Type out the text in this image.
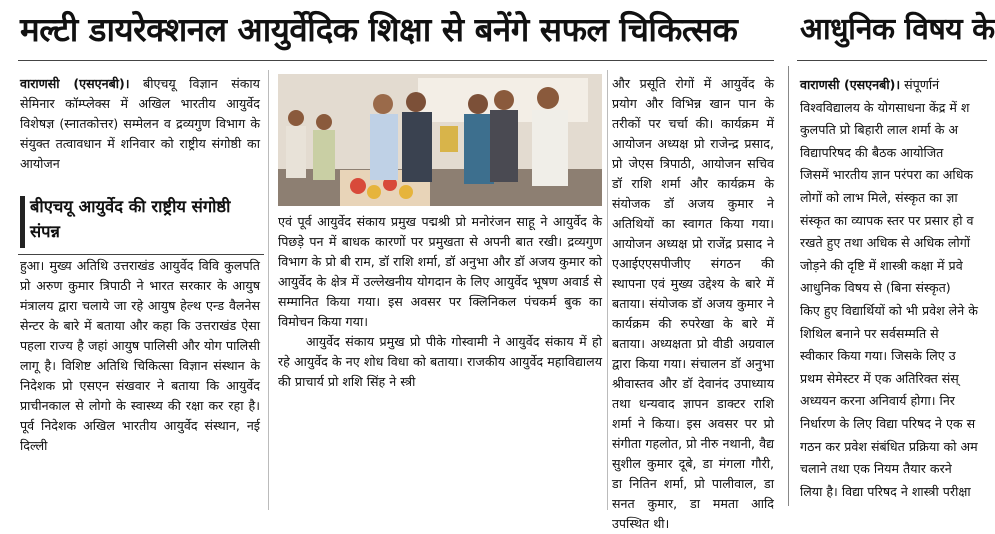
मल्टी डायरेक्शनल आयुर्वेदिक शिक्षा से बनेंगे सफल चिकित्सक आधुनिक विषय के

वाराणसी (एसएनबी)। बीएचयू विज्ञान संकाय सेमिनार कॉम्प्लेक्स में अखिल भारतीय आयुर्वेद विशेषज्ञ (स्नातकोत्तर) सम्मेलन व द्रव्यगुण विभाग के संयुक्त तत्वावधान में शनिवार को राष्ट्रीय संगोष्ठी का आयोजन

बीएचयू आयुर्वेद की राष्ट्रीय संगोष्ठी संपन्न

हुआ। मुख्य अतिथि उत्तराखंड आयुर्वेद विवि कुलपति प्रो अरुण कुमार त्रिपाठी ने भारत सरकार के आयुष मंत्रालय द्वारा चलाये जा रहे आयुष हेल्थ एन्ड वैलनेस सेन्टर के बारे में बताया और कहा कि उत्तराखंड ऐसा पहला राज्य है जहां आयुष पालिसी और योग पालिसी लागू है। विशिष्ट अतिथि चिकित्सा विज्ञान संस्थान के निदेशक प्रो एसएन संखवार ने बताया कि आयुर्वेद प्राचीनकाल से लोगो के स्वास्थ्य की रक्षा कर रहा है। पूर्व निदेशक अखिल भारतीय आयुर्वेद संस्थान, नई दिल्ली

एवं पूर्व आयुर्वेद संकाय प्रमुख पद्मश्री प्रो मनोरंजन साहू ने आयुर्वेद के पिछड़े पन में बाधक कारणों पर प्रमुखता से अपनी बात रखी। द्रव्यगुण विभाग के प्रो बी राम, डॉ राशि शर्मा, डॉ अनुभा और डॉ अजय कुमार को आयुर्वेद के क्षेत्र में उल्लेखनीय योगदान के लिए आयुर्वेद भूषण अवार्ड से सम्मानित किया गया। इस अवसर पर क्लिनिकल पंचकर्म बुक का विमोचन किया गया।

आयुर्वेद संकाय प्रमुख प्रो पीके गोस्वामी ने आयुर्वेद संकाय में हो रहे आयुर्वेद के नए शोध विधा को बताया। राजकीय आयुर्वेद महाविद्यालय की प्राचार्य प्रो शशि सिंह ने स्त्री

और प्रसूति रोगों में आयुर्वेद के प्रयोग और विभिन्न खान पान के तरीकों पर चर्चा की। कार्यक्रम में आयोजन अध्यक्ष प्रो राजेन्द्र प्रसाद, प्रो जेएस त्रिपाठी, आयोजन सचिव डॉ राशि शर्मा और कार्यक्रम के संयोजक डॉ अजय कुमार ने अतिथियों का स्वागत किया गया। आयोजन अध्यक्ष प्रो राजेंद्र प्रसाद ने एआईएएसपीजीए संगठन की स्थापना एवं मुख्य उद्देश्य के बारे में बताया। संयोजक डॉ अजय कुमार ने कार्यक्रम की रुपरेखा के बारे में बताया। अध्यक्षता प्रो वीडी अग्रवाल द्वारा किया गया। संचालन डॉ अनुभा श्रीवास्तव और डॉ देवानंद उपाध्याय तथा धन्यवाद ज्ञापन डाक्टर राशि शर्मा ने किया। इस अवसर पर प्रो संगीता गहलोत, प्रो नीरु नथानी, वैद्य सुशील कुमार दूबे, डा मंगला गौरी, डा नितिन शर्मा, प्रो पालीवाल, डा सनत कुमार, डा ममता आदि उपस्थित थी।

वाराणसी (एसएनबी)। संपूर्णानं
विश्वविद्यालय के योगसाधना केंद्र में श
कुलपति प्रो बिहारी लाल शर्मा के अ
विद्यापरिषद की बैठक आयोजित
जिसमें भारतीय ज्ञान परंपरा का अधिक
लोगों को लाभ मिले, संस्कृत का ज्ञा
संस्कृत का व्यापक स्तर पर प्रसार हो व
रखते हुए तथा अधिक से अधिक लोगों
जोड़ने की दृष्टि में शास्त्री कक्षा में प्रवे
आधुनिक विषय से (बिना संस्कृत)
किए हुए विद्यार्थियों को भी प्रवेश लेने के
शिथिल बनाने पर सर्वसम्मति से
स्वीकार किया गया। जिसके लिए उ
प्रथम सेमेस्टर में एक अतिरिक्त संस्
अध्ययन करना अनिवार्य होगा। निर
निर्धारण के लिए विद्या परिषद ने एक स
गठन कर प्रवेश संबंधित प्रक्रिया को अम
चलाने तथा एक नियम तैयार करने
लिया है। विद्या परिषद ने शास्त्री परीक्षा
